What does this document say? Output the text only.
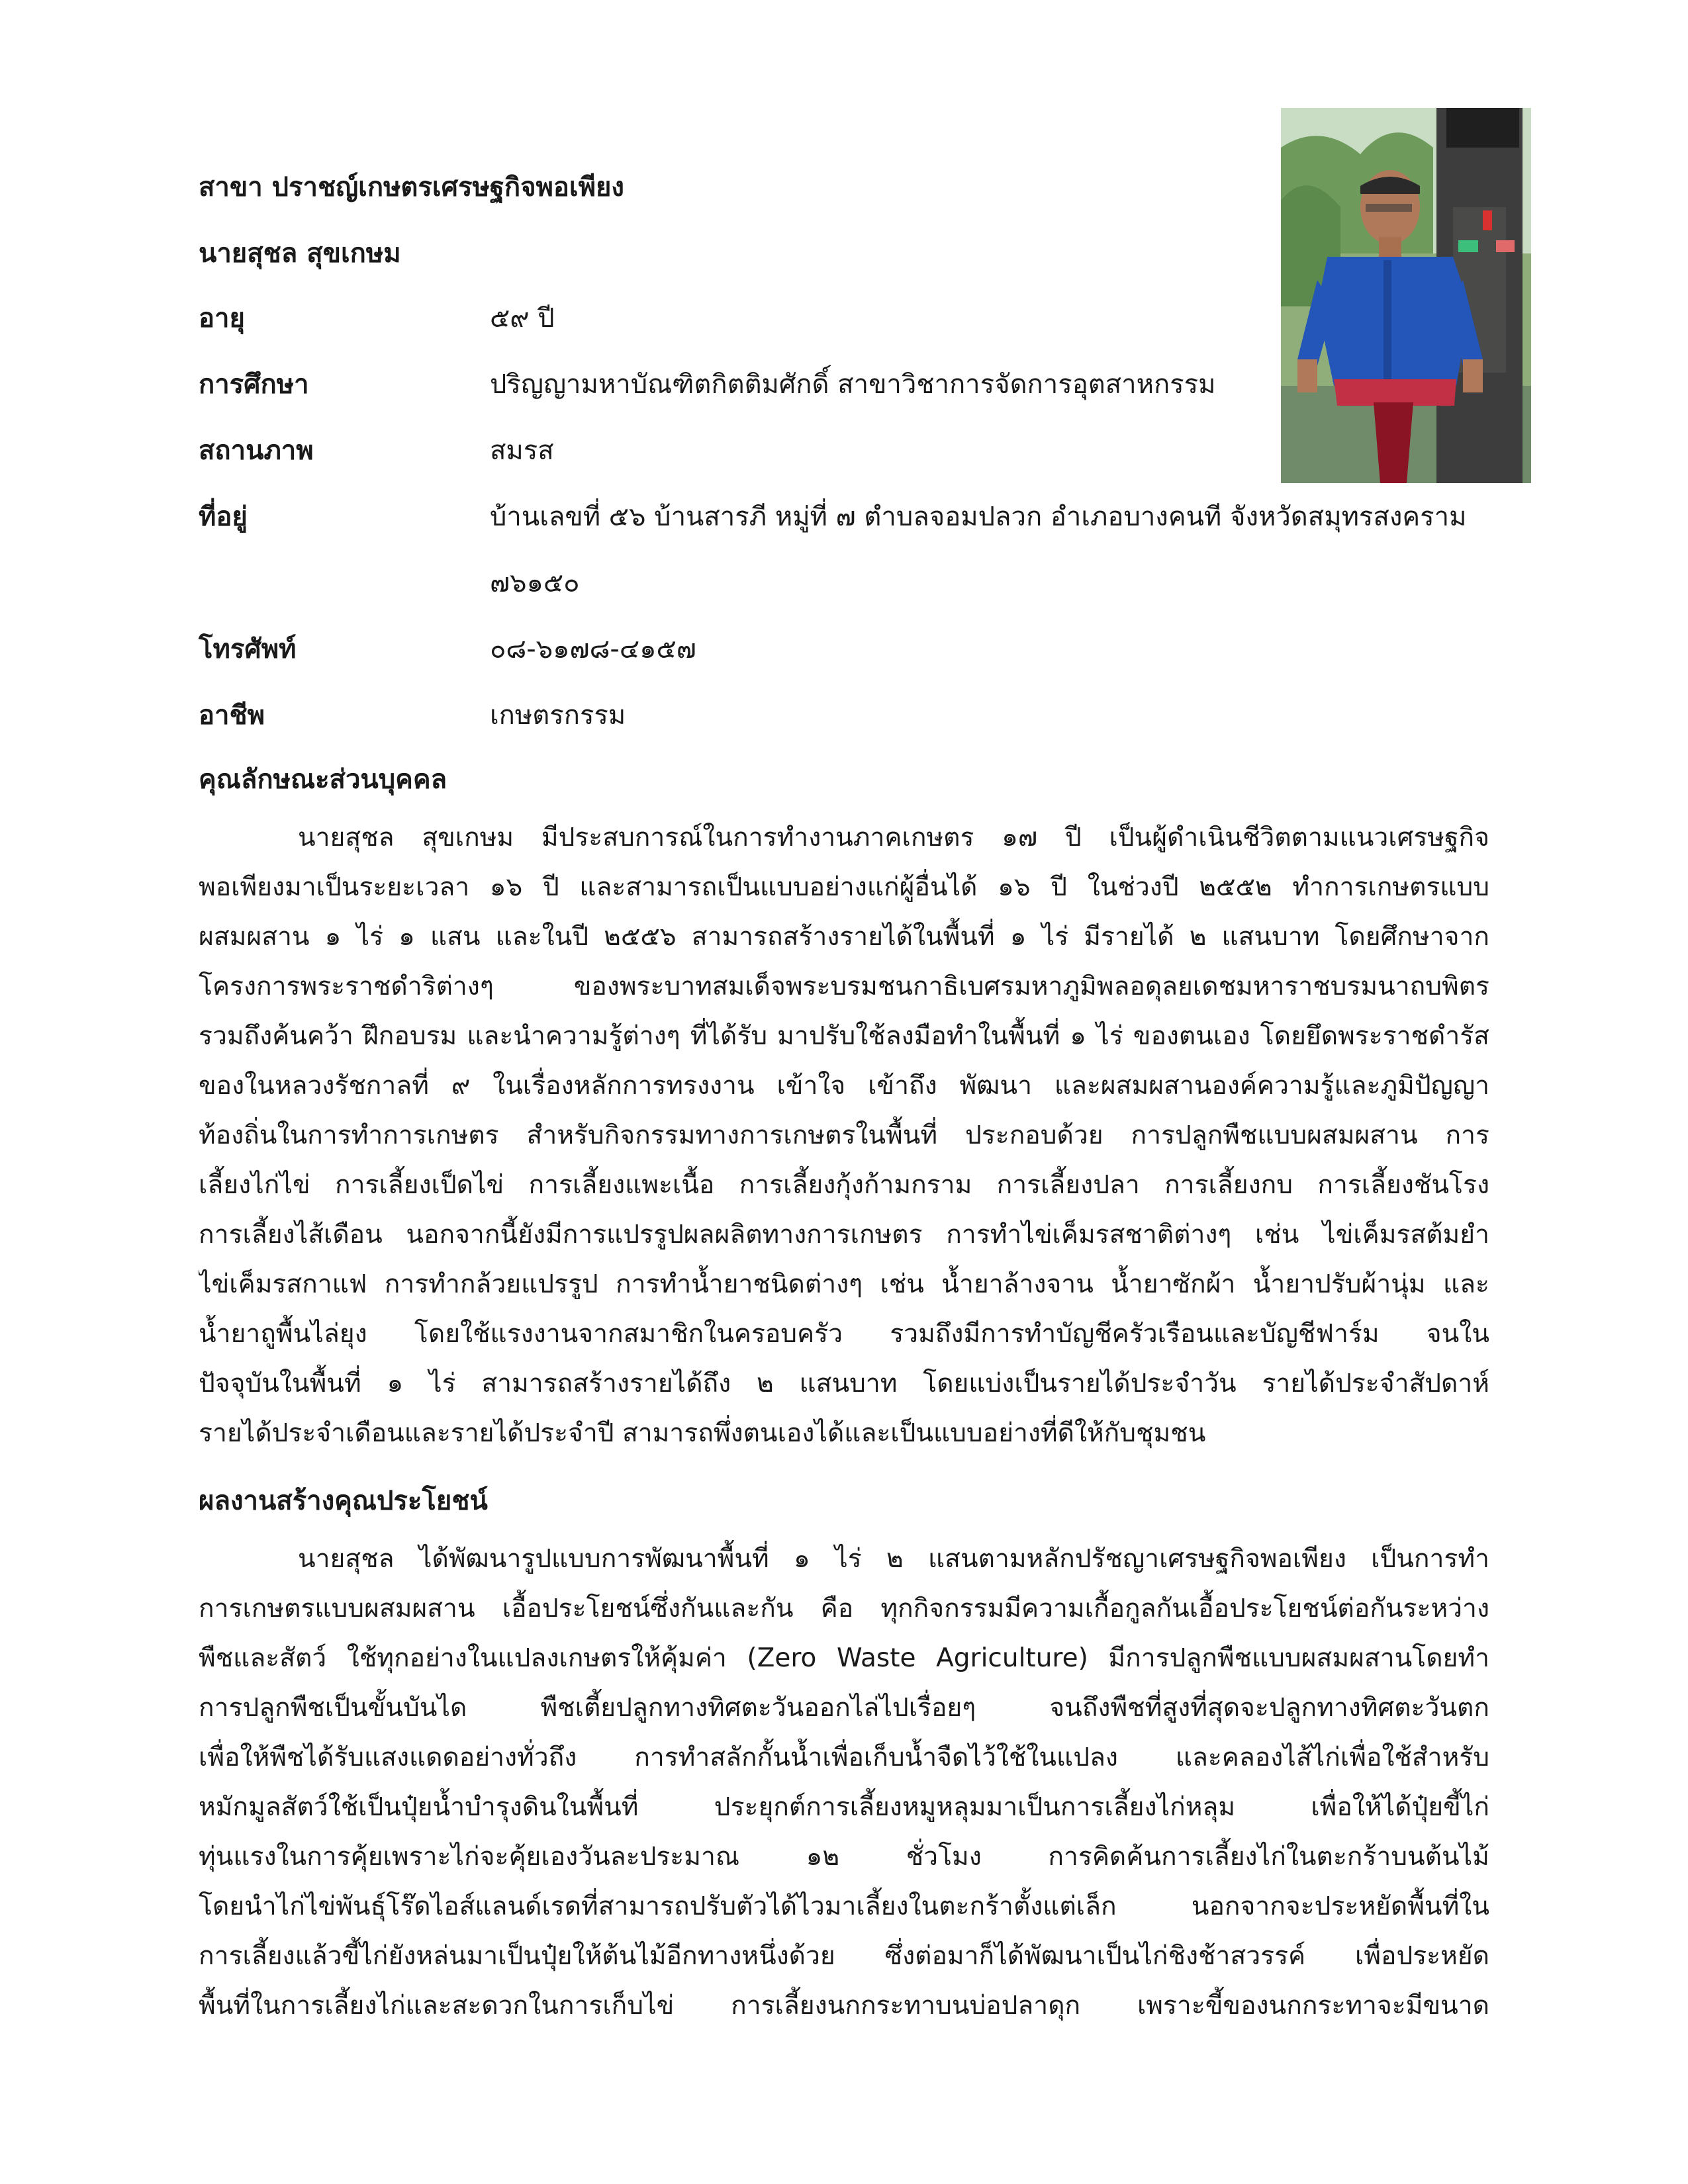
สาขา ปราชญ์เกษตรเศรษฐกิจพอเพียง
นายสุชล สุขเกษม
อายุ	๕๙ ปี
การศึกษา	ปริญญามหาบัณฑิตกิตติมศักดิ์ สาขาวิชาการจัดการอุตสาหกรรม
สถานภาพ	สมรส
ที่อยู่	บ้านเลขที่ ๕๖ บ้านสารภี หมู่ที่ ๗ ตำบลจอมปลวก อำเภอบางคนที จังหวัดสมุทรสงคราม
๗๖๑๕๐
โทรศัพท์	๐๘-๖๑๗๘-๔๑๕๗
อาชีพ	เกษตรกรรม
คุณลักษณะส่วนบุคคล
นายสุชล สุขเกษม มีประสบการณ์ในการทำงานภาคเกษตร ๑๗ ปี เป็นผู้ดำเนินชีวิตตามแนวเศรษฐกิจ
พอเพียงมาเป็นระยะเวลา ๑๖ ปี และสามารถเป็นแบบอย่างแก่ผู้อื่นได้ ๑๖ ปี ในช่วงปี ๒๕๕๒ ทำการเกษตรแบบ
ผสมผสาน ๑ ไร่ ๑ แสน และในปี ๒๕๕๖ สามารถสร้างรายได้ในพื้นที่ ๑ ไร่ มีรายได้ ๒ แสนบาท โดยศึกษาจาก
โครงการพระราชดำริต่างๆ ของพระบาทสมเด็จพระบรมชนกาธิเบศรมหาภูมิพลอดุลยเดชมหาราชบรมนาถบพิตร
รวมถึงค้นคว้า ฝึกอบรม และนำความรู้ต่างๆ ที่ได้รับ มาปรับใช้ลงมือทำในพื้นที่ ๑ ไร่ ของตนเอง โดยยึดพระราชดำรัส
ของในหลวงรัชกาลที่ ๙ ในเรื่องหลักการทรงงาน เข้าใจ เข้าถึง พัฒนา และผสมผสานองค์ความรู้และภูมิปัญญา
ท้องถิ่นในการทำการเกษตร สำหรับกิจกรรมทางการเกษตรในพื้นที่ ประกอบด้วย การปลูกพืชแบบผสมผสาน การ
เลี้ยงไก่ไข่ การเลี้ยงเป็ดไข่ การเลี้ยงแพะเนื้อ การเลี้ยงกุ้งก้ามกราม การเลี้ยงปลา การเลี้ยงกบ การเลี้ยงชันโรง
การเลี้ยงไส้เดือน นอกจากนี้ยังมีการแปรรูปผลผลิตทางการเกษตร การทำไข่เค็มรสชาติต่างๆ เช่น ไข่เค็มรสต้มยำ
ไข่เค็มรสกาแฟ การทำกล้วยแปรรูป การทำน้ำยาชนิดต่างๆ เช่น น้ำยาล้างจาน น้ำยาซักผ้า น้ำยาปรับผ้านุ่ม และ
น้ำยาถูพื้นไล่ยุง โดยใช้แรงงานจากสมาชิกในครอบครัว รวมถึงมีการทำบัญชีครัวเรือนและบัญชีฟาร์ม จนใน
ปัจจุบันในพื้นที่ ๑ ไร่ สามารถสร้างรายได้ถึง ๒ แสนบาท โดยแบ่งเป็นรายได้ประจำวัน รายได้ประจำสัปดาห์
รายได้ประจำเดือนและรายได้ประจำปี สามารถพึ่งตนเองได้และเป็นแบบอย่างที่ดีให้กับชุมชน
ผลงานสร้างคุณประโยชน์
นายสุชล ได้พัฒนารูปแบบการพัฒนาพื้นที่ ๑ ไร่ ๒ แสนตามหลักปรัชญาเศรษฐกิจพอเพียง เป็นการทำ
การเกษตรแบบผสมผสาน เอื้อประโยชน์ซึ่งกันและกัน คือ ทุกกิจกรรมมีความเกื้อกูลกันเอื้อประโยชน์ต่อกันระหว่าง
พืชและสัตว์ ใช้ทุกอย่างในแปลงเกษตรให้คุ้มค่า (Zero Waste Agriculture) มีการปลูกพืชแบบผสมผสานโดยทำ
การปลูกพืชเป็นขั้นบันได พืชเตี้ยปลูกทางทิศตะวันออกไล่ไปเรื่อยๆ จนถึงพืชที่สูงที่สุดจะปลูกทางทิศตะวันตก
เพื่อให้พืชได้รับแสงแดดอย่างทั่วถึง การทำสลักกั้นน้ำเพื่อเก็บน้ำจืดไว้ใช้ในแปลง และคลองไส้ไก่เพื่อใช้สำหรับ
หมักมูลสัตว์ใช้เป็นปุ๋ยน้ำบำรุงดินในพื้นที่ ประยุกต์การเลี้ยงหมูหลุมมาเป็นการเลี้ยงไก่หลุม เพื่อให้ได้ปุ๋ยขี้ไก่
ทุ่นแรงในการคุ้ยเพราะไก่จะคุ้ยเองวันละประมาณ ๑๒ ชั่วโมง การคิดค้นการเลี้ยงไก่ในตะกร้าบนต้นไม้
โดยนำไก่ไข่พันธุ์โร๊ดไอส์แลนด์เรดที่สามารถปรับตัวได้ไวมาเลี้ยงในตะกร้าตั้งแต่เล็ก นอกจากจะประหยัดพื้นที่ใน
การเลี้ยงแล้วขี้ไก่ยังหล่นมาเป็นปุ๋ยให้ต้นไม้อีกทางหนึ่งด้วย ซึ่งต่อมาก็ได้พัฒนาเป็นไก่ชิงช้าสวรรค์ เพื่อประหยัด
พื้นที่ในการเลี้ยงไก่และสะดวกในการเก็บไข่ การเลี้ยงนกกระทาบนบ่อปลาดุก เพราะขี้ของนกกระทาจะมีขนาด
